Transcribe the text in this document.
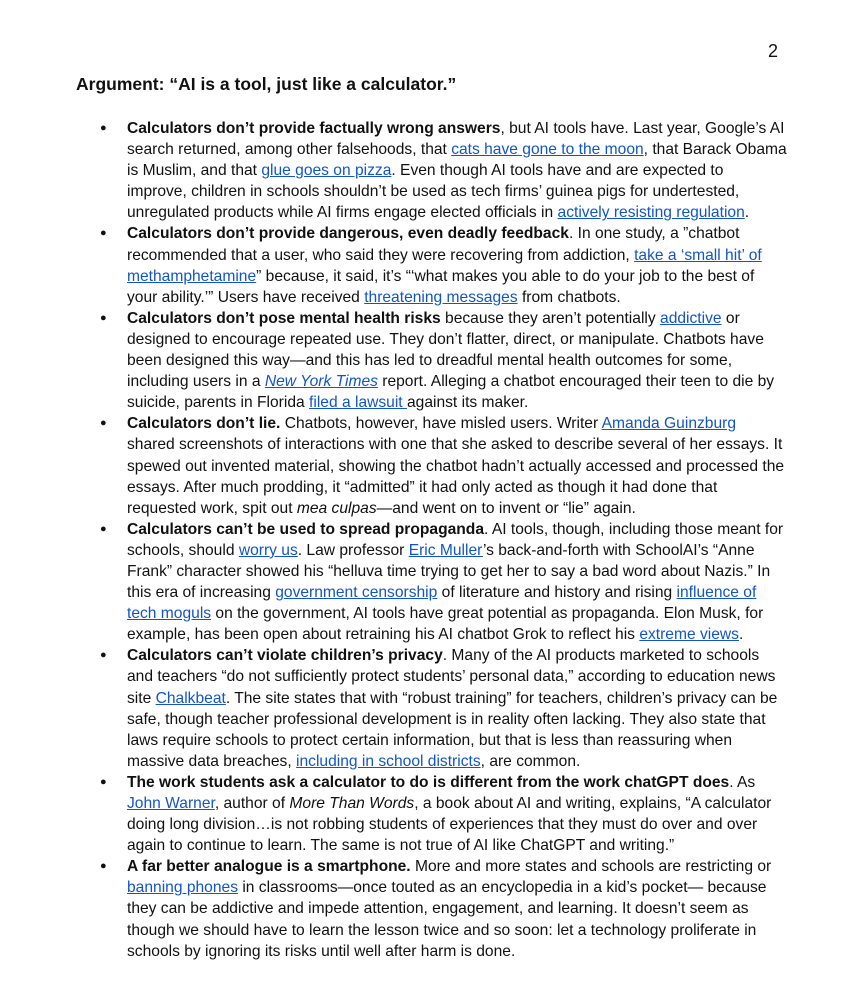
2
Argument: “AI is a tool, just like a calculator.”
● Calculators don’t provide factually wrong answers, but AI tools have. Last year, Google’s AI search returned, among other falsehoods, that cats have gone to the moon, that Barack Obama is Muslim, and that glue goes on pizza. Even though AI tools have and are expected to improve, children in schools shouldn’t be used as tech firms’ guinea pigs for undertested, unregulated products while AI firms engage elected officials in actively resisting regulation.
● Calculators don’t provide dangerous, even deadly feedback. In one study, a ”chatbot recommended that a user, who said they were recovering from addiction, take a ‘small hit’ of methamphetamine” because, it said, it’s “‘what makes you able to do your job to the best of your ability.’” Users have received threatening messages from chatbots.
● Calculators don’t pose mental health risks because they aren’t potentially addictive or designed to encourage repeated use. They don’t flatter, direct, or manipulate. Chatbots have been designed this way—and this has led to dreadful mental health outcomes for some, including users in a New York Times report. Alleging a chatbot encouraged their teen to die by suicide, parents in Florida filed a lawsuit against its maker.
● Calculators don’t lie. Chatbots, however, have misled users. Writer Amanda Guinzburg shared screenshots of interactions with one that she asked to describe several of her essays. It spewed out invented material, showing the chatbot hadn’t actually accessed and processed the essays. After much prodding, it “admitted” it had only acted as though it had done that requested work, spit out mea culpas—and went on to invent or “lie” again.
● Calculators can’t be used to spread propaganda. AI tools, though, including those meant for schools, should worry us. Law professor Eric Muller’s back-and-forth with SchoolAI’s “Anne Frank” character showed his “helluva time trying to get her to say a bad word about Nazis.” In this era of increasing government censorship of literature and history and rising influence of tech moguls on the government, AI tools have great potential as propaganda. Elon Musk, for example, has been open about retraining his AI chatbot Grok to reflect his extreme views.
● Calculators can’t violate children’s privacy. Many of the AI products marketed to schools and teachers “do not sufficiently protect students’ personal data,” according to education news site Chalkbeat. The site states that with “robust training” for teachers, children’s privacy can be safe, though teacher professional development is in reality often lacking. They also state that laws require schools to protect certain information, but that is less than reassuring when massive data breaches, including in school districts, are common.
● The work students ask a calculator to do is different from the work chatGPT does. As John Warner, author of More Than Words, a book about AI and writing, explains, “A calculator doing long division…is not robbing students of experiences that they must do over and over again to continue to learn. The same is not true of AI like ChatGPT and writing.”
● A far better analogue is a smartphone. More and more states and schools are restricting or banning phones in classrooms—once touted as an encyclopedia in a kid’s pocket— because they can be addictive and impede attention, engagement, and learning. It doesn’t seem as though we should have to learn the lesson twice and so soon: let a technology proliferate in schools by ignoring its risks until well after harm is done.
